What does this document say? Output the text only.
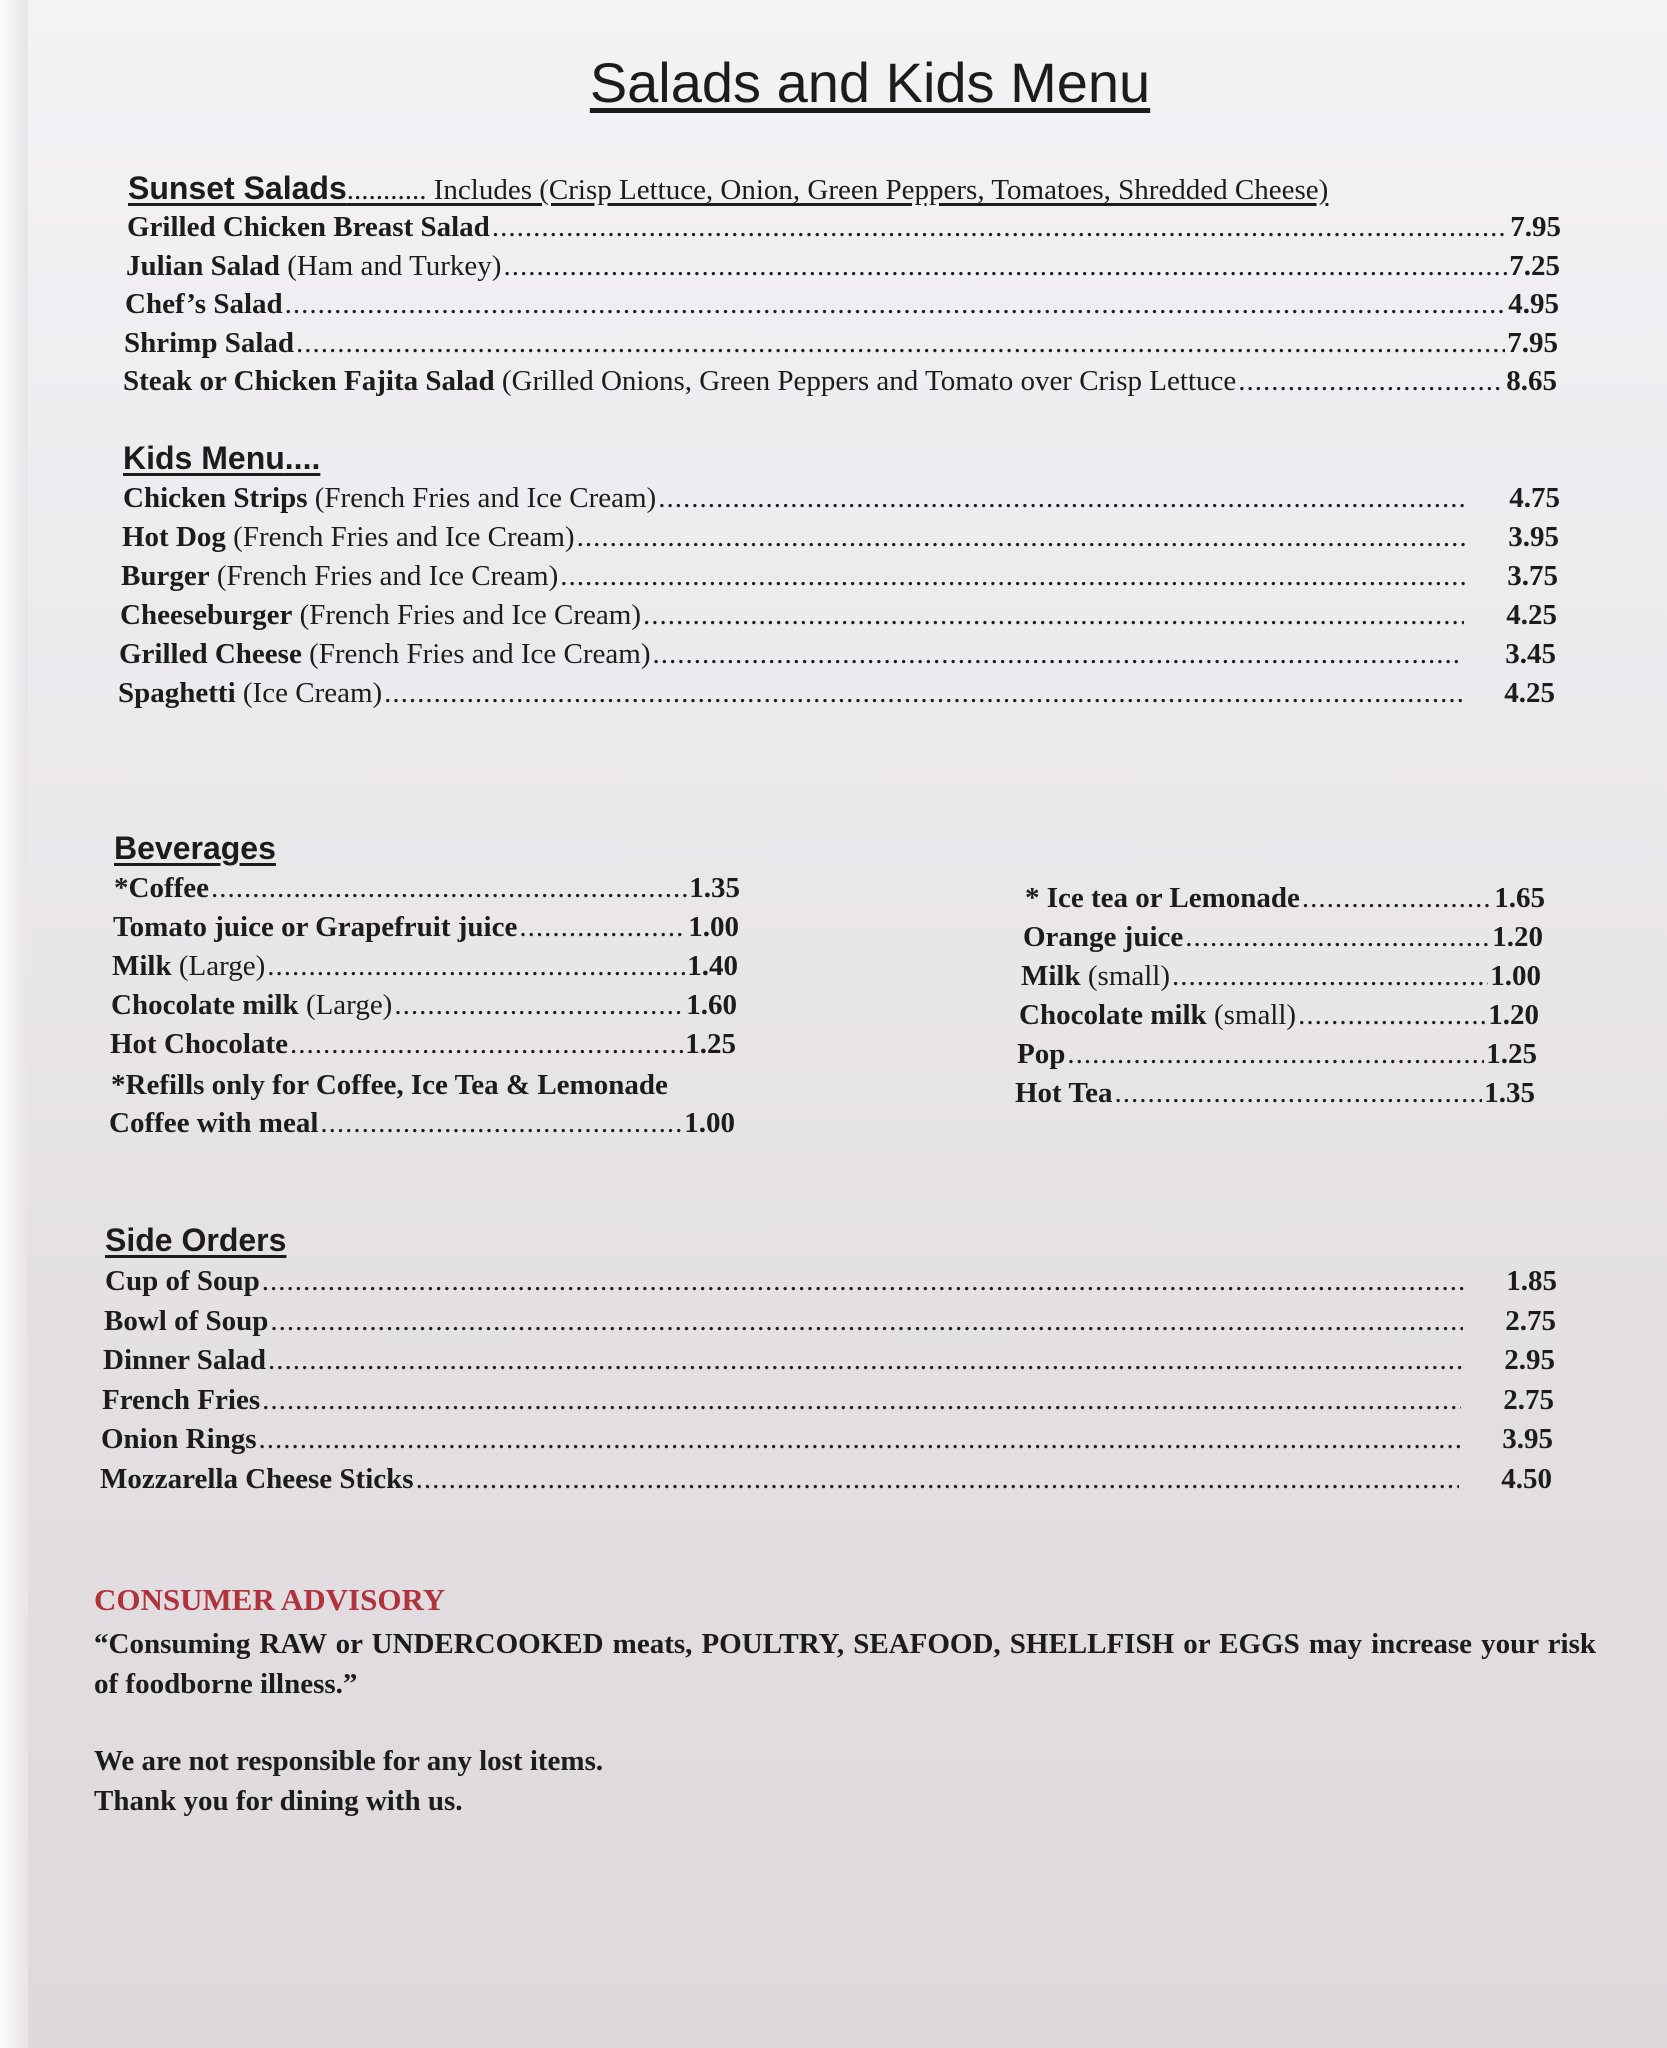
Salads and Kids Menu
Sunset Salads........... Includes (Crisp Lettuce, Onion, Green Peppers, Tomatoes, Shredded Cheese)
Grilled Chicken Breast Salad .....	7.95
Julian Salad (Ham and Turkey) .....	7.25
Chef’s Salad .....	4.95
Shrimp Salad .....	7.95
Steak or Chicken Fajita Salad (Grilled Onions, Green Peppers and Tomato over Crisp Lettuce .....	8.65
Kids Menu....
Chicken Strips (French Fries and Ice Cream) .....	4.75
Hot Dog (French Fries and Ice Cream) .....	3.95
Burger (French Fries and Ice Cream) .....	3.75
Cheeseburger (French Fries and Ice Cream) .....	4.25
Grilled Cheese (French Fries and Ice Cream) .....	3.45
Spaghetti (Ice Cream) .....	4.25
Beverages
*Coffee .....	1.35
Tomato juice or Grapefruit juice .....	1.00
Milk (Large) .....	1.40
Chocolate milk (Large) .....	1.60
Hot Chocolate .....	1.25
*Refills only for Coffee, Ice Tea & Lemonade
Coffee with meal .....	1.00
* Ice tea or Lemonade .....	1.65
Orange juice .....	1.20
Milk (small) .....	1.00
Chocolate milk (small) .....	1.20
Pop .....	1.25
Hot Tea .....	1.35
Side Orders
Cup of Soup .....	1.85
Bowl of Soup .....	2.75
Dinner Salad .....	2.95
French Fries .....	2.75
Onion Rings .....	3.95
Mozzarella Cheese Sticks .....	4.50
CONSUMER ADVISORY
“Consuming RAW or UNDERCOOKED meats, POULTRY, SEAFOOD, SHELLFISH or EGGS may increase your risk of foodborne illness.”
We are not responsible for any lost items.
Thank you for dining with us.
